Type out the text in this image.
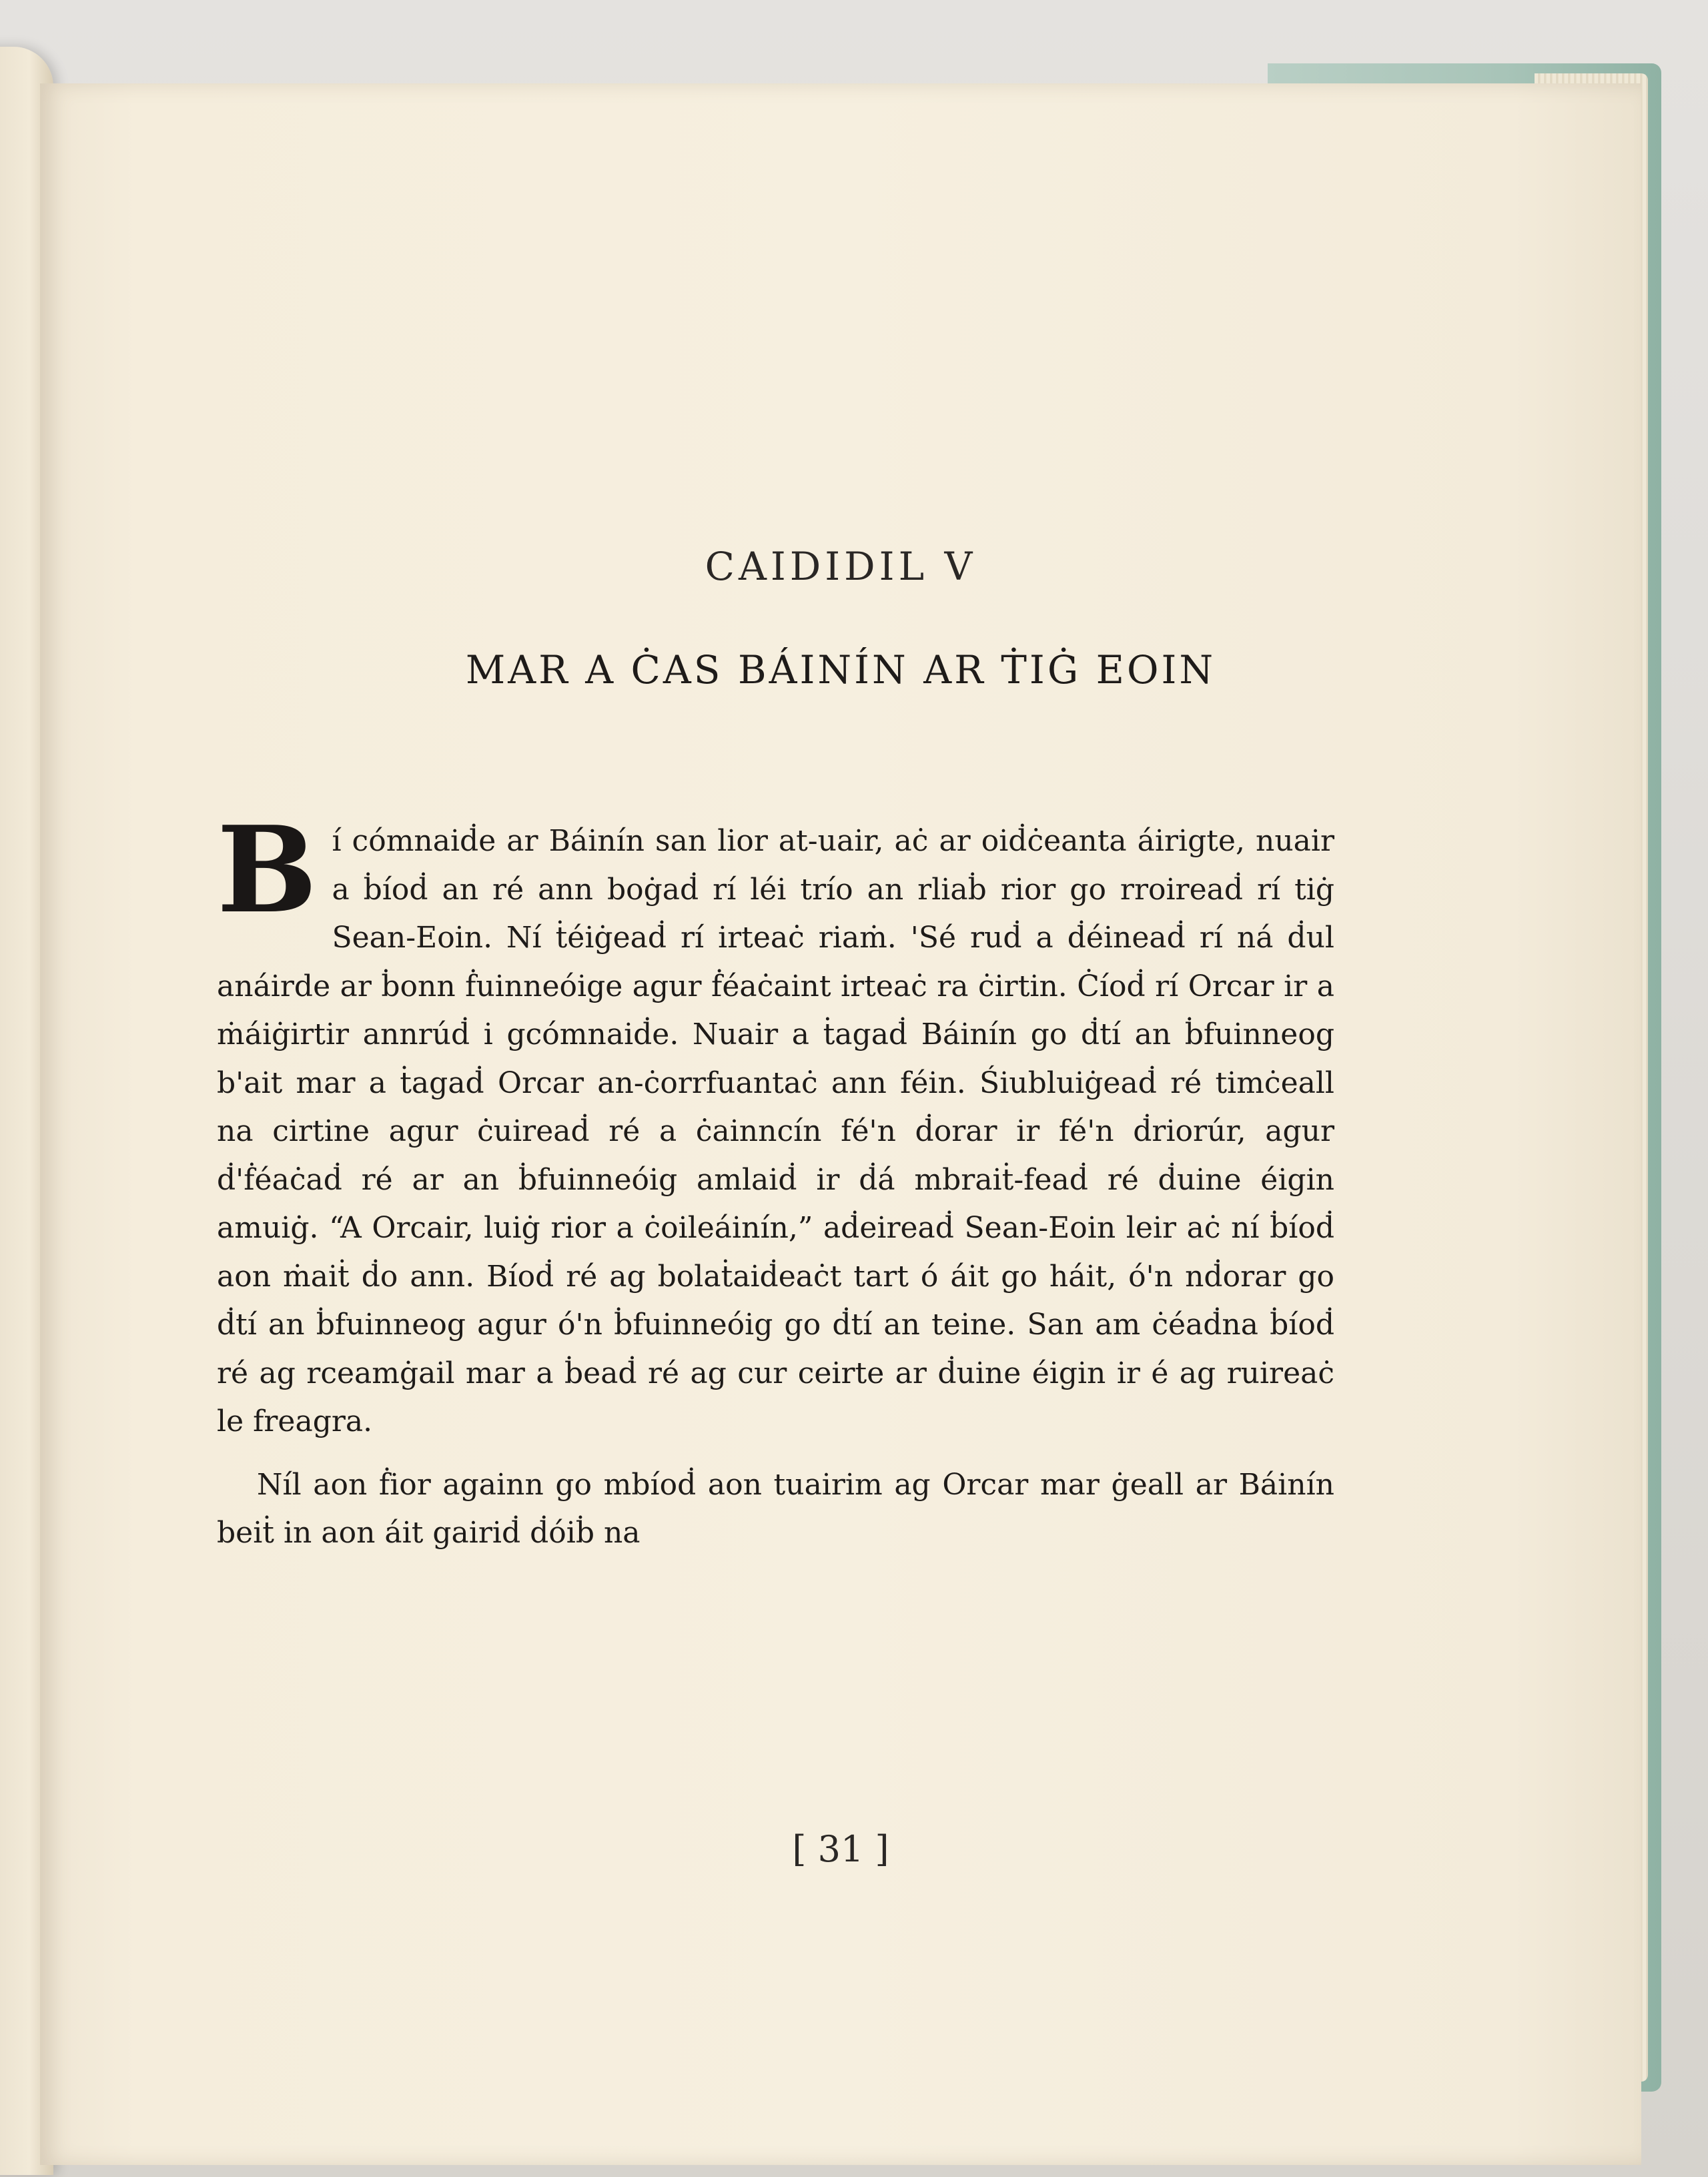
CAIDIDIL V
MAR A ĊAS BÁINÍN AR ṪIĠ EOIN

Bí cómnaiḋe ar Báinín san lior at-uair, aċ ar oiḋċeanta áirigte, nuair a ḃíoḋ an ré ann boġaḋ rí léi trío an rliaḃ rior go rroireaḋ rí tiġ Sean-Eoin. Ní ṫéiġeaḋ rí irteaċ riaṁ. 'Sé ruḋ a ḋéineaḋ rí ná ḋul anáirde ar ḃonn ḟuinneóige agur ḟéaċaint irteaċ ra ċirtin. Ċíoḋ rí Orcar ir a ṁáiġirtir annrúḋ i gcómnaiḋe. Nuair a ṫagaḋ Báinín go ḋtí an ḃfuinneog b'ait mar a ṫagaḋ Orcar an-ċorrfuantaċ ann féin. Śiubluiġeaḋ ré timċeall na cirtine agur ċuireaḋ ré a ċainncín fé'n ḋorar ir fé'n ḋriorúr, agur ḋ'ḟéaċaḋ ré ar an ḃfuinneóig amlaiḋ ir ḋá mbraiṫ-feaḋ ré ḋuine éigin amuiġ. “A Orcair, luiġ rior a ċoileáinín,” aḋeireaḋ Sean-Eoin leir aċ ní ḃíoḋ aon ṁaiṫ ḋo ann. Bíoḋ ré ag bolaṫaiḋeaċt tart ó áit go háit, ó'n nḋorar go ḋtí an ḃfuinneog agur ó'n ḃfuinneóig go ḋtí an teine. San am ċéaḋna ḃíoḋ ré ag rceamġail mar a ḃeaḋ ré ag cur ceirte ar ḋuine éigin ir é ag ruireaċ le freagra.

Níl aon ḟior againn go mbíoḋ aon tuairim ag Orcar mar ġeall ar Báinín beiṫ in aon áit gairiḋ ḋóiḃ na

[ 31 ]
